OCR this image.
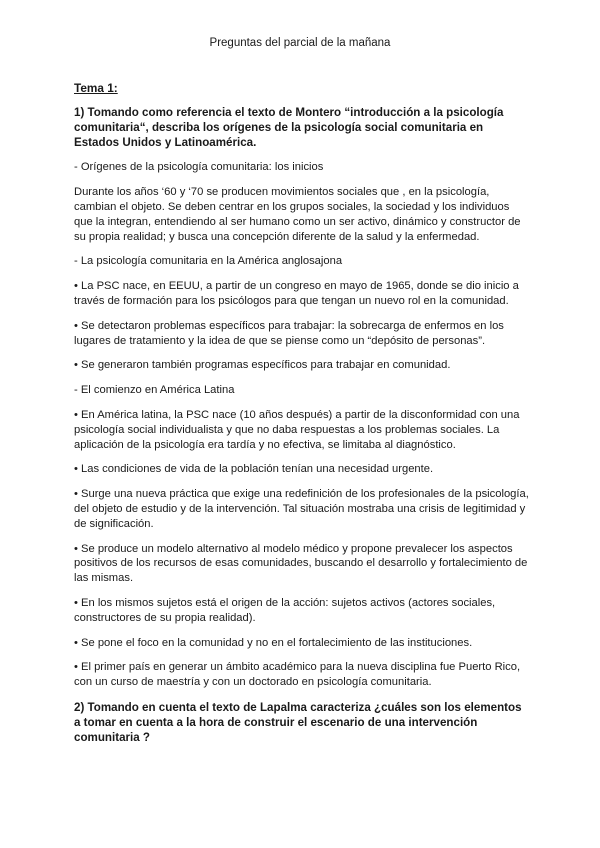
Preguntas del parcial de la mañana
Tema 1:
1) Tomando como referencia el texto de Montero “introducción a la psicología comunitaria“, describa los orígenes de la psicología social comunitaria en Estados Unidos y Latinoamérica.
- Orígenes de la psicología comunitaria: los inicios
Durante los años ‘60 y ‘70 se producen movimientos sociales que , en la psicología, cambian el objeto. Se deben centrar en los grupos sociales, la sociedad y los individuos que la integran, entendiendo al ser humano como un ser activo, dinámico y constructor de su propia realidad; y busca una concepción diferente de la salud y la enfermedad.
- La psicología comunitaria en la América anglosajona
• La PSC nace, en EEUU, a partir de un congreso en mayo de 1965, donde se dio inicio a través de formación para los psicólogos para que tengan un nuevo rol en la comunidad.
• Se detectaron problemas específicos para trabajar: la sobrecarga de enfermos en los lugares de tratamiento y la idea de que se piense como un “depósito de personas”.
• Se generaron también programas específicos para trabajar en comunidad.
- El comienzo en América Latina
• En América latina, la PSC nace (10 años después) a partir de la disconformidad con una psicología social individualista y que no daba respuestas a los problemas sociales. La aplicación de la psicología era tardía y no efectiva, se limitaba al diagnóstico.
• Las condiciones de vida de la población tenían una necesidad urgente.
• Surge una nueva práctica que exige una redefinición de los profesionales de la psicología, del objeto de estudio y de la intervención. Tal situación mostraba una crisis de legitimidad y de significación.
• Se produce un modelo alternativo al modelo médico y propone prevalecer los aspectos positivos de los recursos de esas comunidades, buscando el desarrollo y fortalecimiento de las mismas.
• En los mismos sujetos está el origen de la acción: sujetos activos (actores sociales, constructores de su propia realidad).
• Se pone el foco en la comunidad y no en el fortalecimiento de las instituciones.
• El primer país en generar un ámbito académico para la nueva disciplina fue Puerto Rico, con un curso de maestría y con un doctorado en psicología comunitaria.
2) Tomando en cuenta el texto de Lapalma caracteriza ¿cuáles son los elementos a tomar en cuenta a la hora de construir el escenario de una intervención comunitaria ?
